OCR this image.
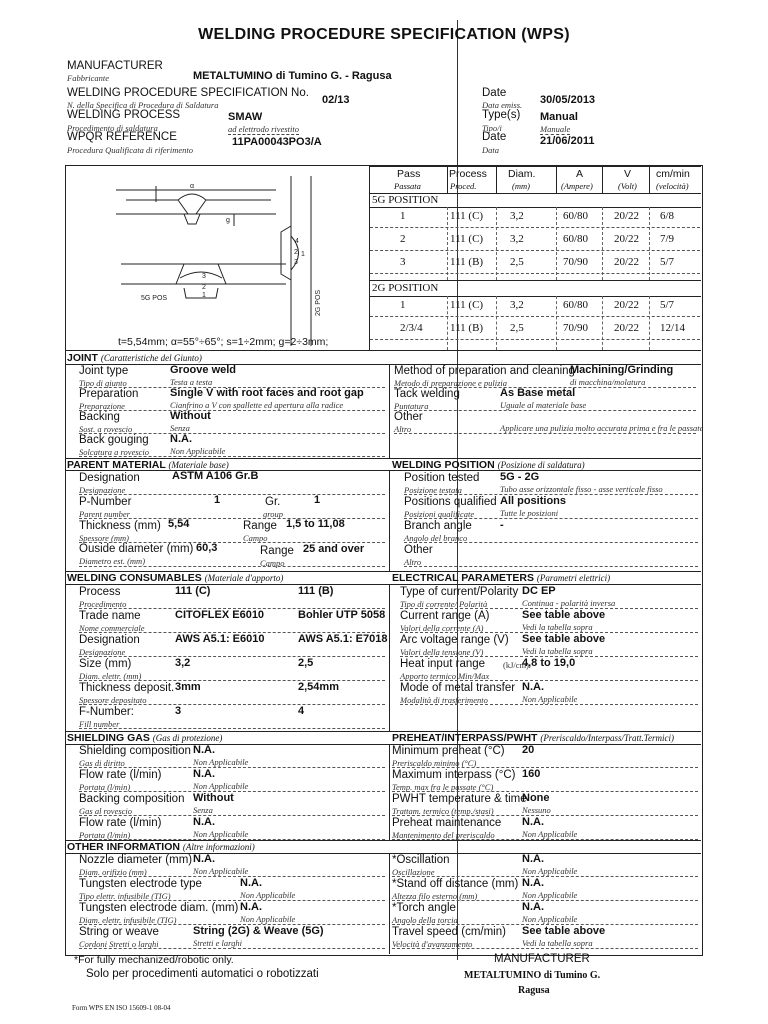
WELDING PROCEDURE SPECIFICATION (WPS)
MANUFACTURER
Fabbricante	METALTUMINO di Tumino G. - Ragusa
WELDING PROCEDURE SPECIFICATION No.
N. della Specifica di Procedura di Saldatura	02/13
Date
Data emiss. 30/05/2013
WELDING PROCESS
Procedimento di saldatura
SMAW
ad elettrodo rivestito
Type(s)
Tipo/i
Manual
Manuale
WPQR REFERENCE
Procedura Qualificata di riferimento
11PA00043PO3/A	Date
Data
21/06/2011
1
2
3
4
1
2
3
5G POS	2G POS
α
g
t=5,54mm; α=55°÷65°; s=1÷2mm; g=2÷3mm;
Pass
Passata
Process
Proced.
Diam.
(mm)
A
(Ampere)
V
(Volt)
cm/min
(velocità)
5G POSITION
2G POSITION
1	111 (C) 3,2	60/80 20/22 6/8
2	111 (C) 3,2	60/80 20/22 7/9
3	111 (B) 2,5	70/90 20/22 5/7
1	111 (C) 3,2	60/80 20/22 5/7
2/3/4 111 (B) 2,5	70/90 20/22 12/14
JOINT (Caratteristiche del Giunto)
Joint type
Tipo di giunto
Groove weld
Testa a testa
Preparation
Preparazione
Single V with root faces and root gap
Cianfrino a V con spallette ed apertura alla radice
Backing
Sost. a rovescio
Without
Senza
Back gouging
Solcatura a rovescio
N.A.
Non Applicabile
Method of preparation and cleaning
Metodo di preparazione e pulizia
Machining/Grinding
di macchina/molatura
Tack welding
Puntatura
As Base metal
Uguale al materiale base
Other
Altro	Applicare una pulizia molto accurata prima e fra le passate
PARENT MATERIAL (Materiale base)
Designation
Designazione
ASTM A106 Gr.B
P-Number
Parent number
1	Gr.
group
1
Thickness (mm)
Spessore (mm)
5,54	Range
Campo
1,5 to 11,08
Ouside diameter (mm)
Diametro est. (mm)
60,3	Range
Campo
25 and over
WELDING POSITION (Posizione di saldatura)
Position tested
Posizione testata
5G - 2G
Tubo asse orizzontale fisso - asse verticale fisso
Positions qualified
Posizioni qualificate
All positions
Tutte le posizioni
Branch angle
Angolo del branco
-
Other
Altro
WELDING CONSUMABLES (Materiale d'apporto)
Process
Procedimento
111 (C)	111 (B)
Trade name
Nome commerciale
CITOFLEX E6010	Bohler UTP 5058
Designation
Designazione
AWS A5.1: E6010	AWS A5.1: E7018
Size (mm)
Diam. elettr. (mm)
3,2	2,5
Thickness deposit.
Spessore depositato
3mm	2,54mm
F-Number:
Fill number
3	4
ELECTRICAL PARAMETERS (Parametri elettrici)
Type of current/Polarity
Tipo di corrente/ Polarità
DC EP
Continua - polarità inversa
Current range (A)
Valori della corrente (A)
See table above
Vedi la tabella sopra
Arc voltage range (V)
Valori della tensione (V)
See table above
Vedi la tabella sopra
Heat input range (kJ/cm)
Apporto termico Min/Max
4,8 to 19,0
Mode of metal transfer
Modalità di trasferimento
N.A.
Non Applicabile
SHIELDING GAS (Gas di protezione)
Shielding composition
Gas di diritto
N.A.
Non Applicabile
Flow rate (l/min)
Portata (l/min)
N.A.
Non Applicabile
Backing composition
Gas al rovescio
Without
Senza
Flow rate (l/min)
Portata (l/min)
N.A.
Non Applicabile
PREHEAT/INTERPASS/PWHT (Preriscaldo/Interpass/Tratt.Termici)
Minimum preheat (°C)
Preriscaldo minimo (°C)
20
Maximum interpass (°C)
Temp. max fra le passate (°C)
160
PWHT temperature & time
Trattam. termico (temp./stasi)
None
Nessuno
Preheat maintenance
Mantenimento del preriscaldo
N.A.
Non Applicabile
OTHER INFORMATION (Altre informazioni)
Nozzle diameter (mm)
Diam. orifizio (mm)
N.A.
Non Applicabile
Tungsten electrode type
Tipo elettr. infusibile (TIG)
N.A.
Non Applicabile
Tungsten electrode diam. (mm)
Diam. elettr. infusibile (TIG)
N.A.
Non Applicabile
String or weave
Cordoni Stretti o larghi
String (2G) & Weave (5G)
Stretti e larghi
*Oscillation
Oscillazione
N.A.
Non Applicabile
*Stand off distance (mm)
Altezza filo esterno (mm)
N.A.
Non Applicabile
*Torch angle
Angolo della torcia
N.A.
Non Applicabile
Travel speed (cm/min)
Velocità d'avanzamento
See table above
Vedi la tabella sopra
*For fully mechanized/robotic only.
Solo per procedimenti automatici o robotizzati
MANUFACTURER
METALTUMINO di Tumino G.
Ragusa
Form WPS EN ISO 15609-1 08-04
